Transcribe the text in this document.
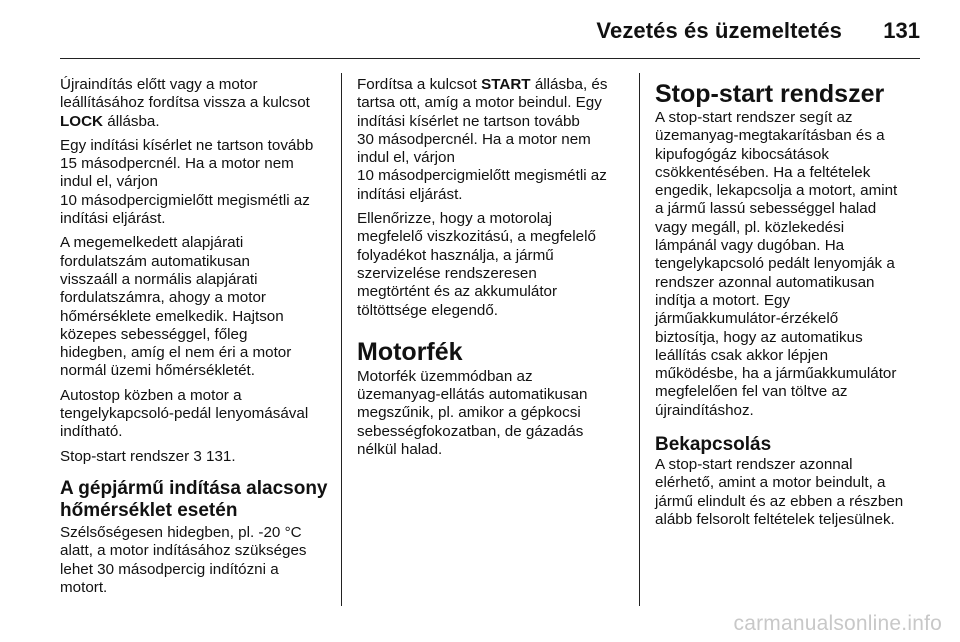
Vezetés és üzemeltetés 131

Újraindítás előtt vagy a motor
leállításához fordítsa vissza a kulcsot
LOCK állásba.

Egy indítási kísérlet ne tartson tovább
15 másodpercnél. Ha a motor nem
indul el, várjon
10 másodpercigmielőtt megismétli az
indítási eljárást.

A megemelkedett alapjárati
fordulatszám automatikusan
visszaáll a normális alapjárati
fordulatszámra, ahogy a motor
hőmérséklete emelkedik. Hajtson
közepes sebességgel, főleg
hidegben, amíg el nem éri a motor
normál üzemi hőmérsékletét.

Autostop közben a motor a
tengelykapcsoló-pedál lenyomásával
indítható.

Stop-start rendszer 3 131.

A gépjármű indítása alacsony
hőmérséklet esetén

Szélsőségesen hidegben, pl. -20 °C
alatt, a motor indításához szükséges
lehet 30 másodpercig indítózni a
motort.

Fordítsa a kulcsot START állásba, és
tartsa ott, amíg a motor beindul. Egy
indítási kísérlet ne tartson tovább
30 másodpercnél. Ha a motor nem
indul el, várjon
10 másodpercigmielőtt megismétli az
indítási eljárást.

Ellenőrizze, hogy a motorolaj
megfelelő viszkozitású, a megfelelő
folyadékot használja, a jármű
szervizelése rendszeresen
megtörtént és az akkumulátor
töltöttsége elegendő.

Motorfék

Motorfék üzemmódban az
üzemanyag-ellátás automatikusan
megszűnik, pl. amikor a gépkocsi
sebességfokozatban, de gázadás
nélkül halad.

Stop-start rendszer

A stop-start rendszer segít az
üzemanyag-megtakarításban és a
kipufogógáz kibocsátások
csökkentésében. Ha a feltételek
engedik, lekapcsolja a motort, amint
a jármű lassú sebességgel halad
vagy megáll, pl. közlekedési
lámpánál vagy dugóban. Ha
tengelykapcsoló pedált lenyomják a
rendszer azonnal automatikusan
indítja a motort. Egy
járműakkumulátor-érzékelő
biztosítja, hogy az automatikus
leállítás csak akkor lépjen
működésbe, ha a járműakkumulátor
megfelelően fel van töltve az
újraindításhoz.

Bekapcsolás

A stop-start rendszer azonnal
elérhető, amint a motor beindult, a
jármű elindult és az ebben a részben
alább felsorolt feltételek teljesülnek.

carmanualsonline.info
